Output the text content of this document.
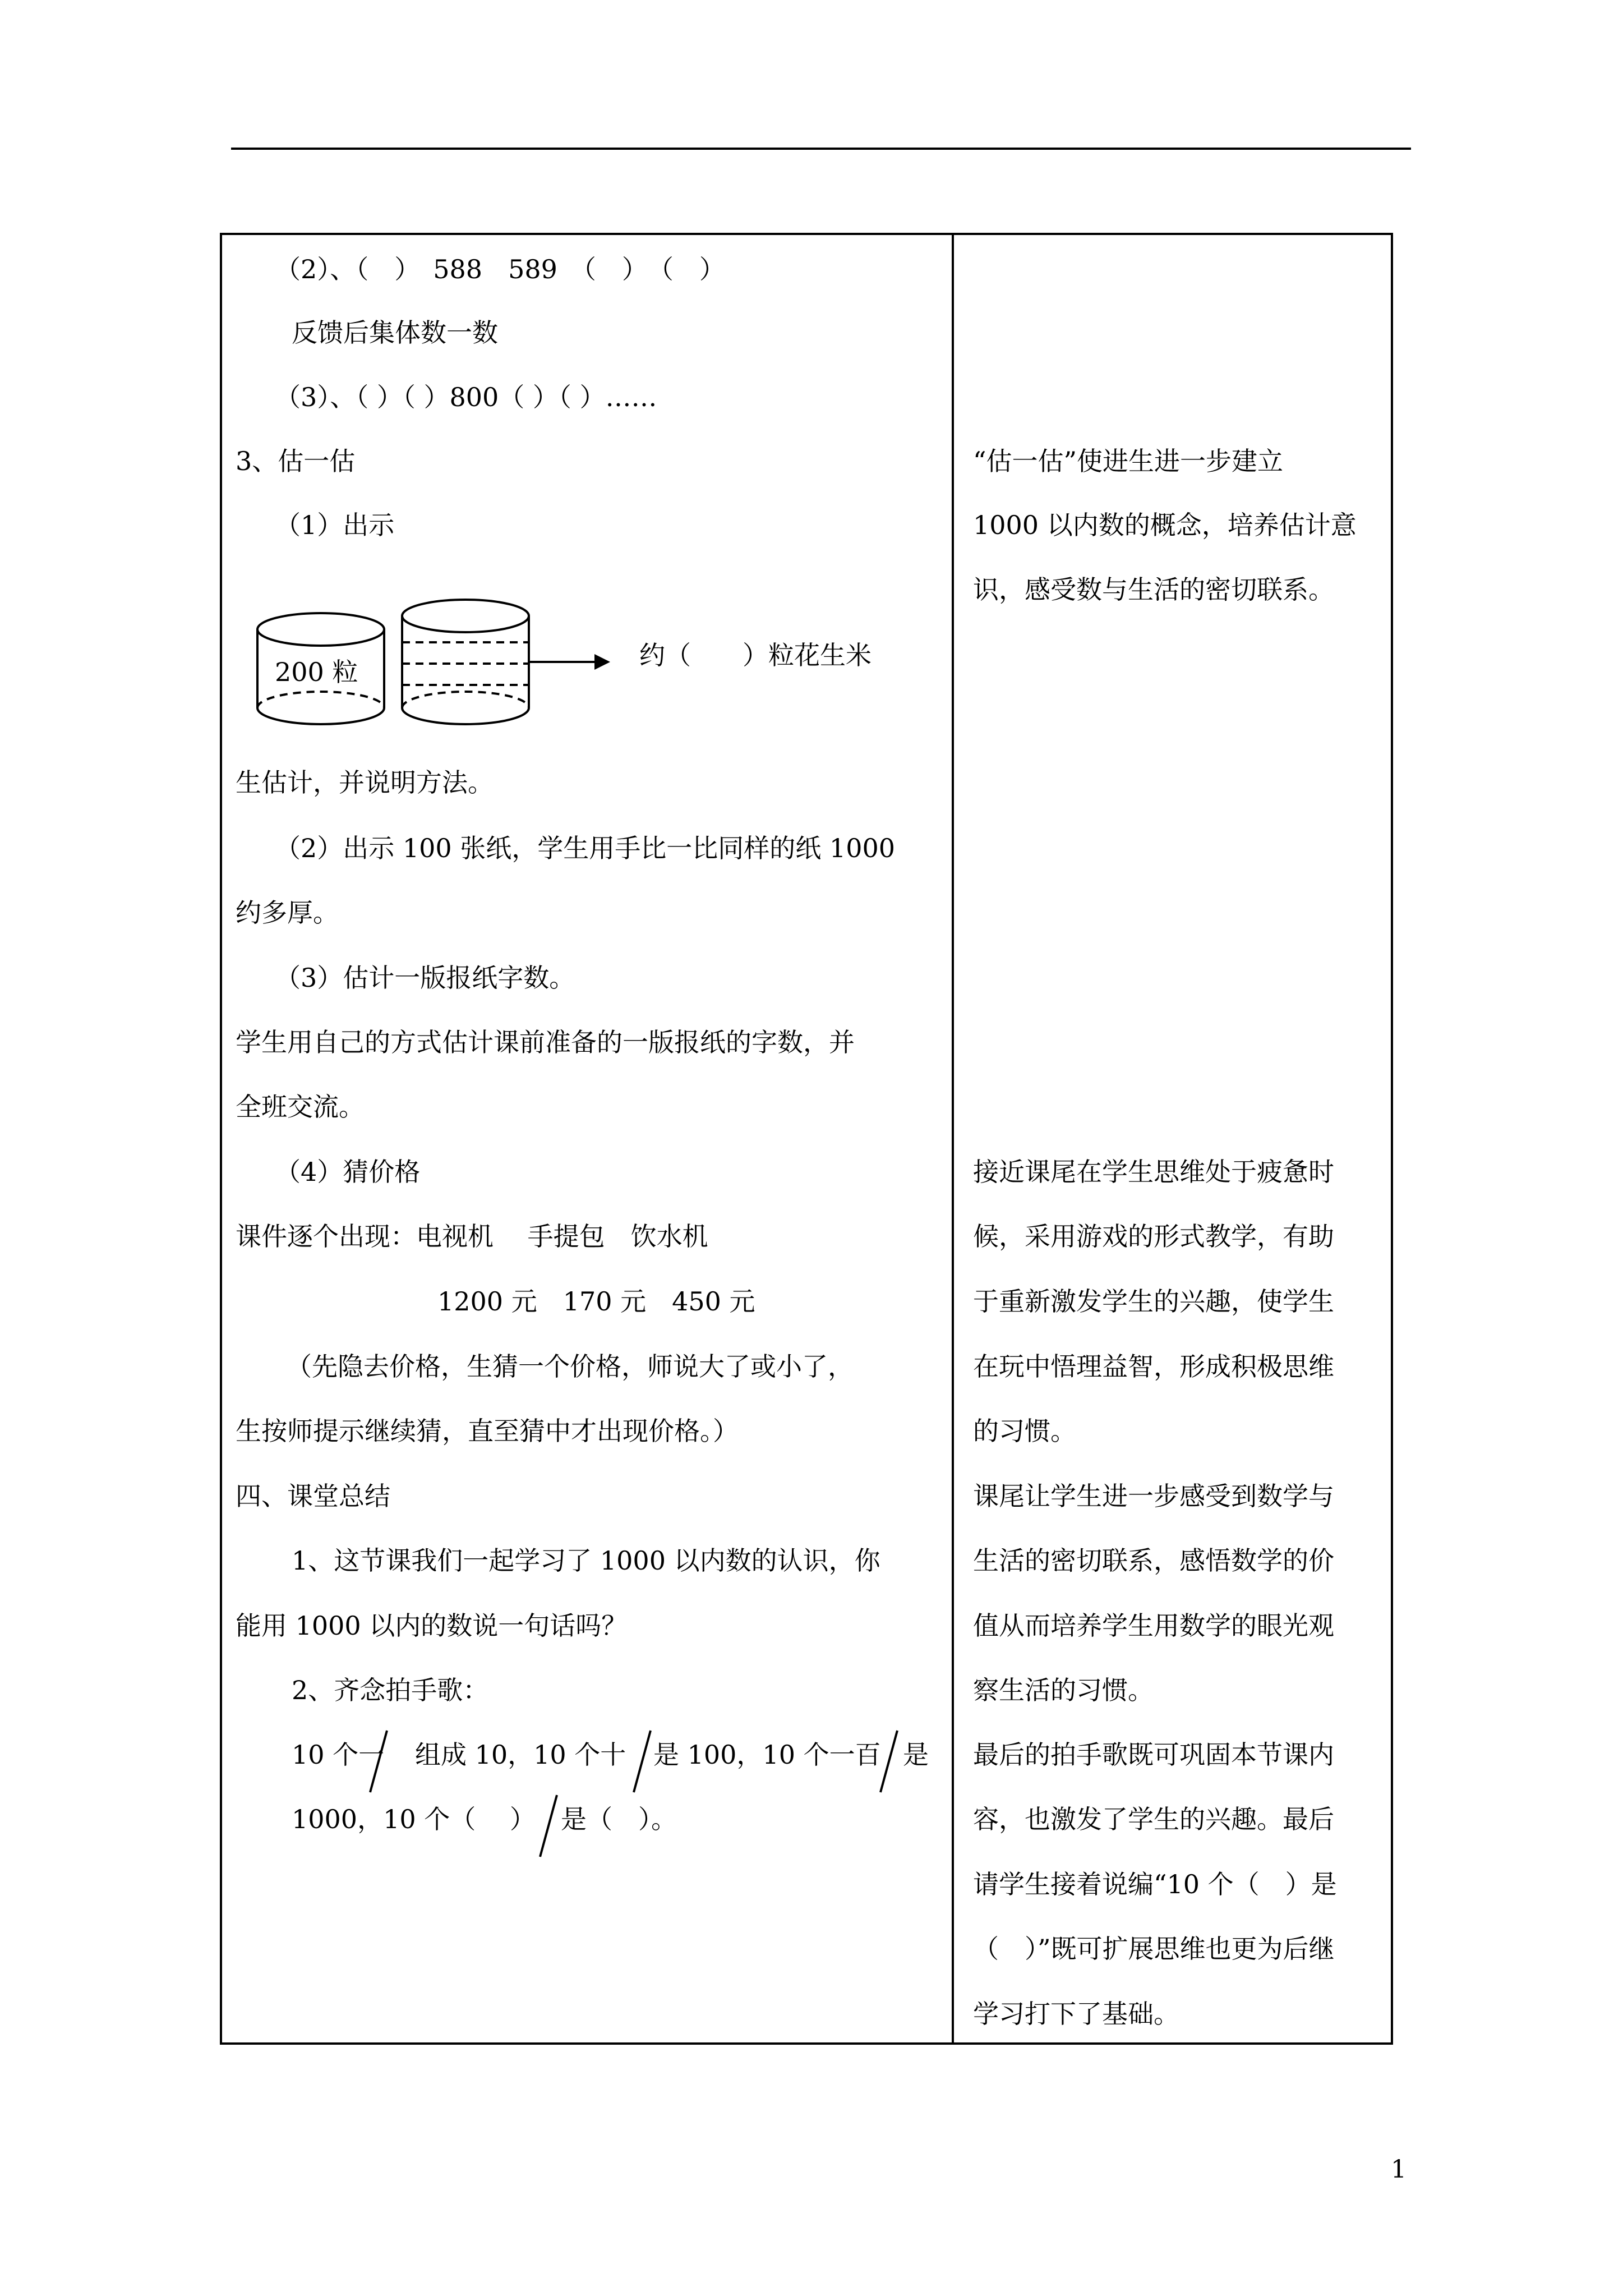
（2）、（　）　588　589　（　）　（　）
反馈后集体数一数
（3）、（ ）（ ）800（ ）（ ）……
3、估一估
（1）出示
200 粒
约（　　）粒花生米
生估计，并说明方法。
（2）出示 100 张纸，学生用手比一比同样的纸 1000
约多厚。
（3）估计一版报纸字数。
学生用自己的方式估计课前准备的一版报纸的字数，并
全班交流。
（4）猜价格
课件逐个出现：电视机　 手提包　饮水机
1200 元　170 元　450 元
（先隐去价格，生猜一个价格，师说大了或小了，
生按师提示继续猜，直至猜中才出现价格。）
四、课堂总结
1、这节课我们一起学习了 1000 以内数的认识，你
能用 1000 以内的数说一句话吗？
2、齐念拍手歌：
10 个一 组成 10，10 个十 是 100，10 个一百 是
1000，10 个（　 ） 是（　）。
“估一估”使进生进一步建立
1000 以内数的概念，培养估计意
识，感受数与生活的密切联系。
接近课尾在学生思维处于疲惫时
候，采用游戏的形式教学，有助
于重新激发学生的兴趣，使学生
在玩中悟理益智，形成积极思维
的习惯。
课尾让学生进一步感受到数学与
生活的密切联系，感悟数学的价
值从而培养学生用数学的眼光观
察生活的习惯。
最后的拍手歌既可巩固本节课内
容，也激发了学生的兴趣。最后
请学生接着说编“10 个（　）是
（　）”既可扩展思维也更为后继
学习打下了基础。
1
